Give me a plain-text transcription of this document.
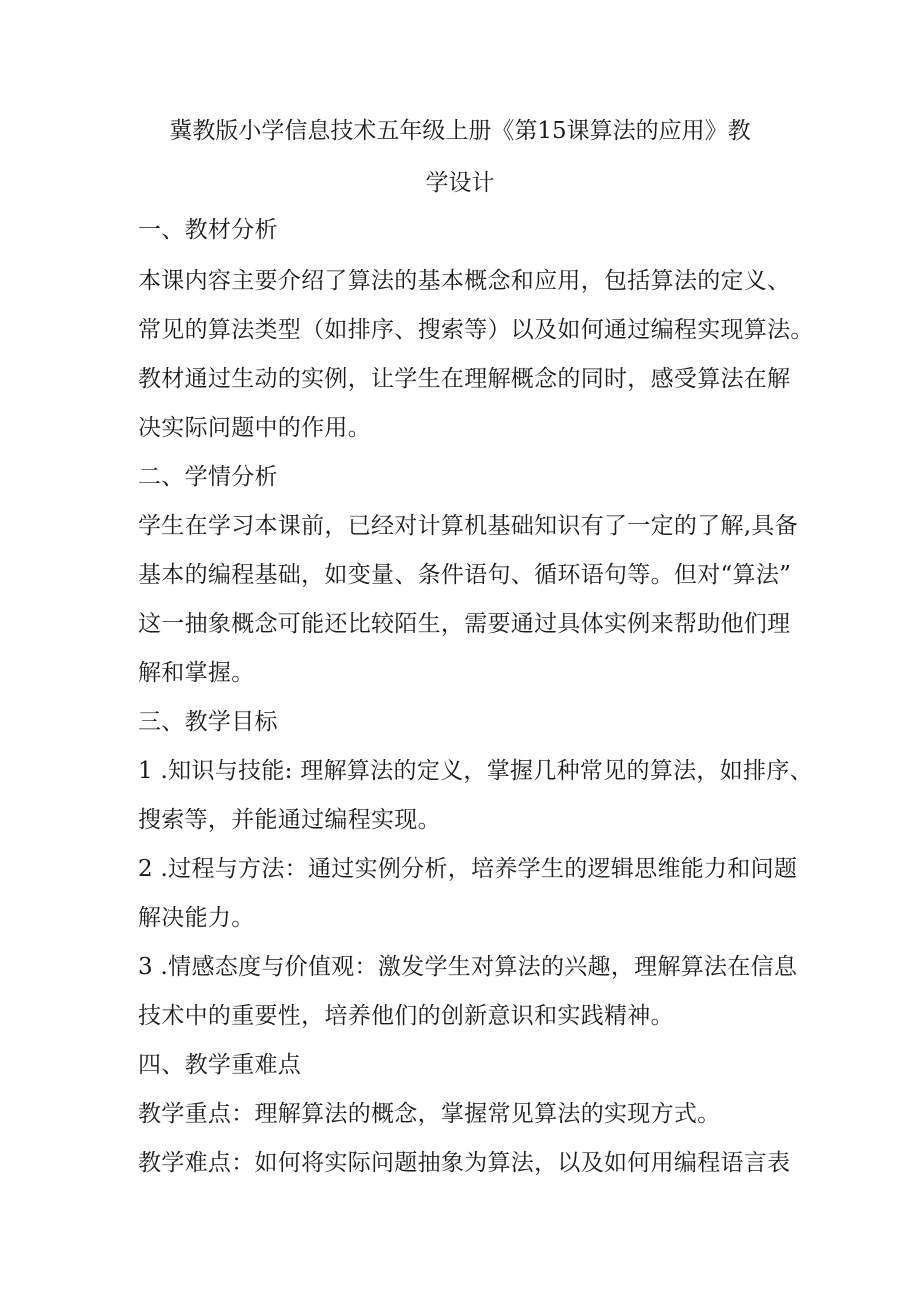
冀教版小学信息技术五年级上册《第15课算法的应用》教
学设计
一、教材分析
本课内容主要介绍了算法的基本概念和应用，包括算法的定义、
常见的算法类型（如排序、搜索等）以及如何通过编程实现算法。
教材通过生动的实例，让学生在理解概念的同时，感受算法在解
决实际问题中的作用。
二、学情分析
学生在学习本课前，已经对计算机基础知识有了一定的了解,具备
基本的编程基础，如变量、条件语句、循环语句等。但对“算法”
这一抽象概念可能还比较陌生，需要通过具体实例来帮助他们理
解和掌握。
三、教学目标
1 .知识与技能: 理解算法的定义，掌握几种常见的算法，如排序、
搜索等，并能通过编程实现。
2 .过程与方法：通过实例分析，培养学生的逻辑思维能力和问题
解决能力。
3 .情感态度与价值观：激发学生对算法的兴趣，理解算法在信息
技术中的重要性，培养他们的创新意识和实践精神。
四、教学重难点
教学重点：理解算法的概念，掌握常见算法的实现方式。
教学难点：如何将实际问题抽象为算法，以及如何用编程语言表
